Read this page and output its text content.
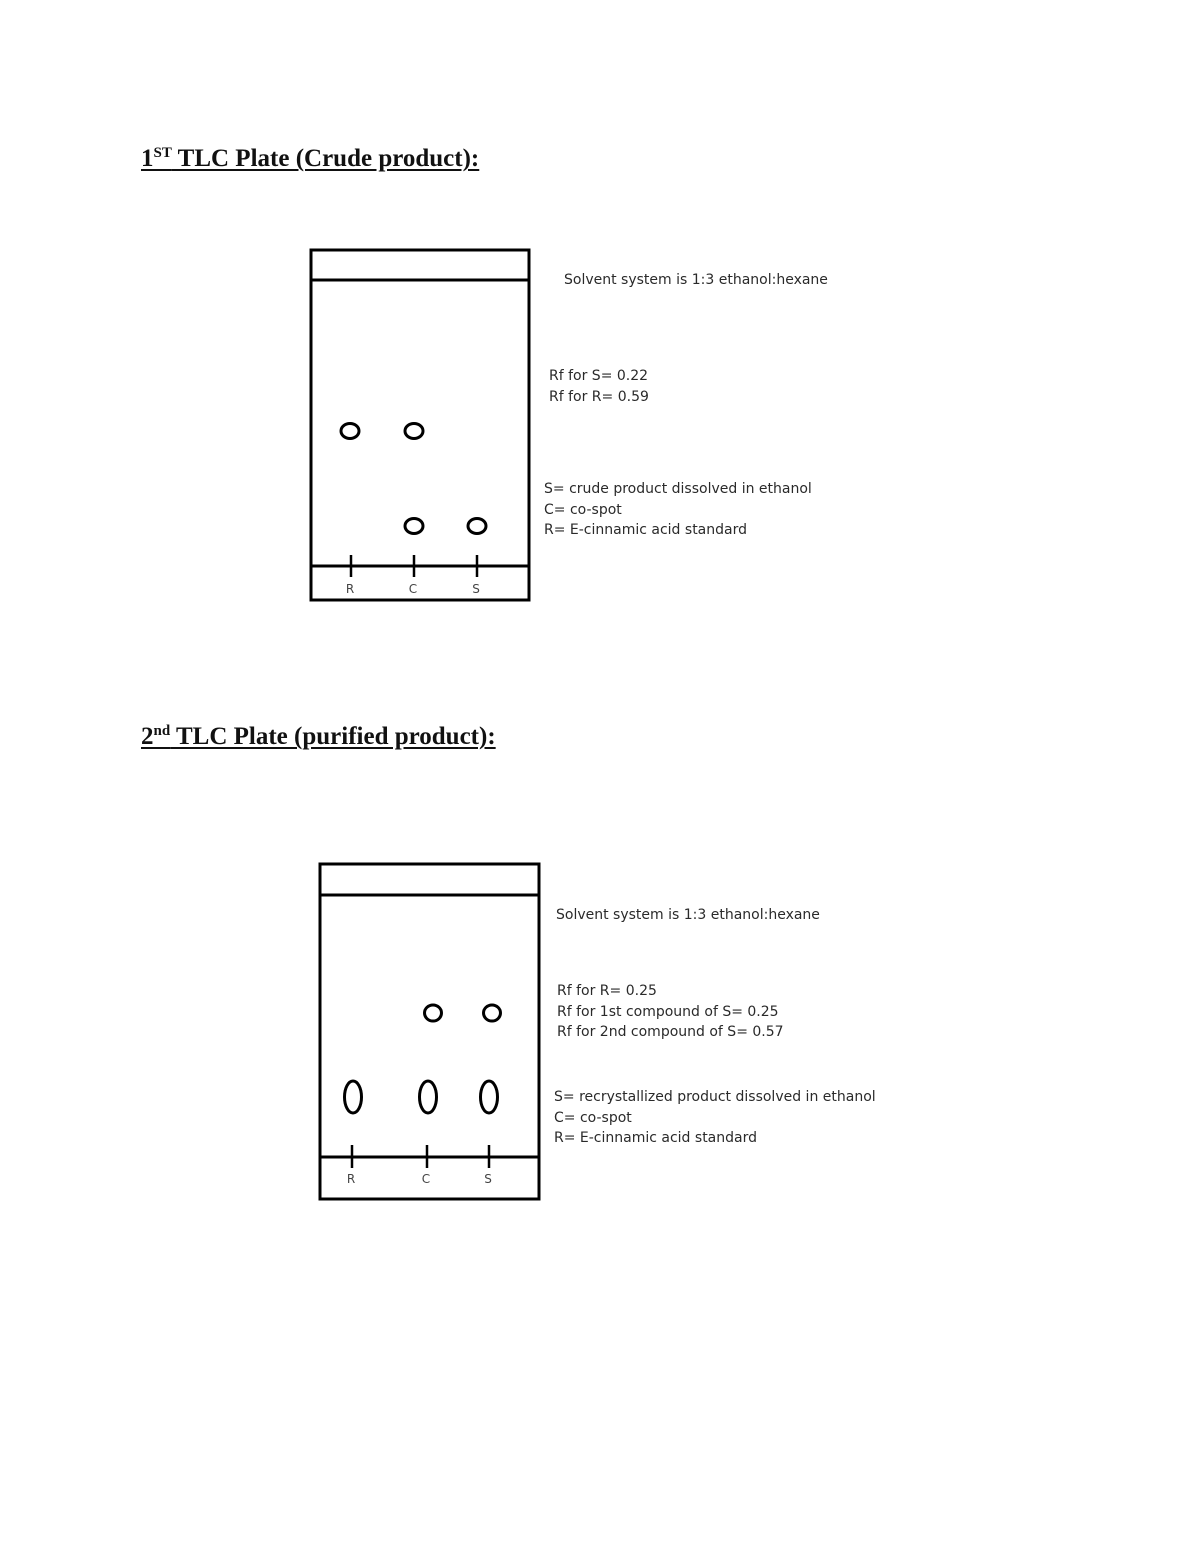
1ST TLC Plate (Crude product):
R	C	S
Solvent system is 1:3 ethanol:hexane
Rf for S= 0.22
Rf for R= 0.59
S= crude product dissolved in ethanol
C= co-spot
R= E-cinnamic acid standard
2nd TLC Plate (purified product):
R	C	S
Solvent system is 1:3 ethanol:hexane
Rf for R= 0.25
Rf for 1st compound of S= 0.25
Rf for 2nd compound of S= 0.57
S= recrystallized product dissolved in ethanol
C= co-spot
R= E-cinnamic acid standard
